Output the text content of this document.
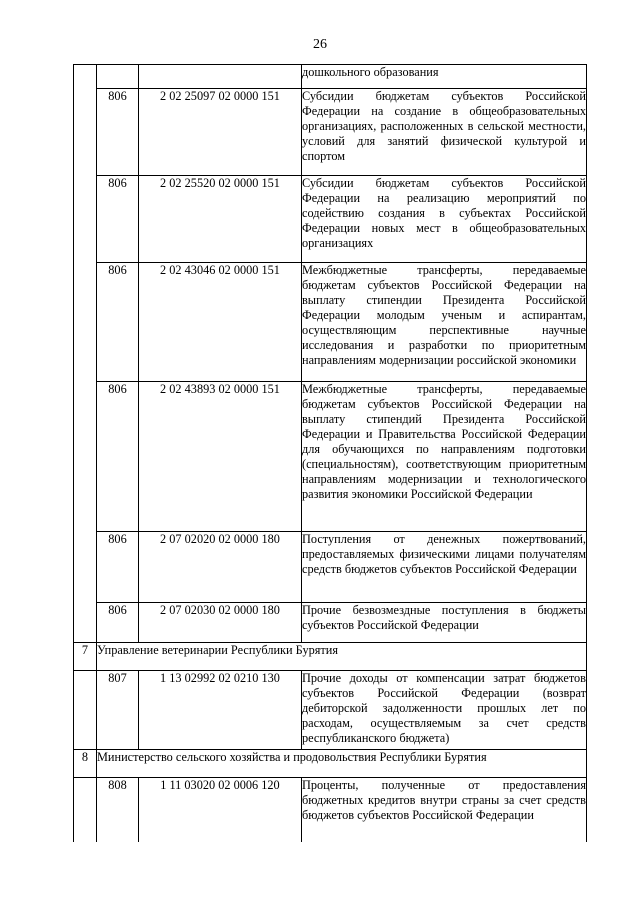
26
			дошкольного образования
	806	2 02 25097 02 0000 151	Субсидии бюджетам субъектов Российской Федерации на создание в общеобразовательных организациях, расположенных в сельской местности, условий для занятий физической культурой и спортом
	806	2 02 25520 02 0000 151	Субсидии бюджетам субъектов Российской Федерации на реализацию мероприятий по содействию создания в субъектах Российской Федерации новых мест в общеобразовательных организациях
	806	2 02 43046 02 0000 151	Межбюджетные трансферты, передаваемые бюджетам субъектов Российской Федерации на выплату стипендии Президента Российской Федерации молодым ученым и аспирантам, осуществляющим перспективные научные исследования и разработки по приоритетным направлениям модернизации российской экономики
	806	2 02 43893 02 0000 151	Межбюджетные трансферты, передаваемые бюджетам субъектов Российской Федерации на выплату стипендий Президента Российской Федерации и Правительства Российской Федерации для обучающихся по направлениям подготовки (специальностям), соответствующим приоритетным направлениям модернизации и технологического развития экономики Российской Федерации
	806	2 07 02020 02 0000 180	Поступления от денежных пожертвований, предоставляемых физическими лицами получателям средств бюджетов субъектов Российской Федерации
	806	2 07 02030 02 0000 180	Прочие безвозмездные поступления в бюджеты субъектов Российской Федерации
7	Управление ветеринарии Республики Бурятия		
	807	1 13 02992 02 0210 130	Прочие доходы от компенсации затрат бюджетов субъектов Российской Федерации (возврат дебиторской задолженности прошлых лет по расходам, осуществляемым за счет средств республиканского бюджета)
8	Министерство сельского хозяйства и продовольствия Республики Бурятия		
	808	1 11 03020 02 0006 120	Проценты, полученные от предоставления бюджетных кредитов внутри страны за счет средств бюджетов субъектов Российской Федерации
